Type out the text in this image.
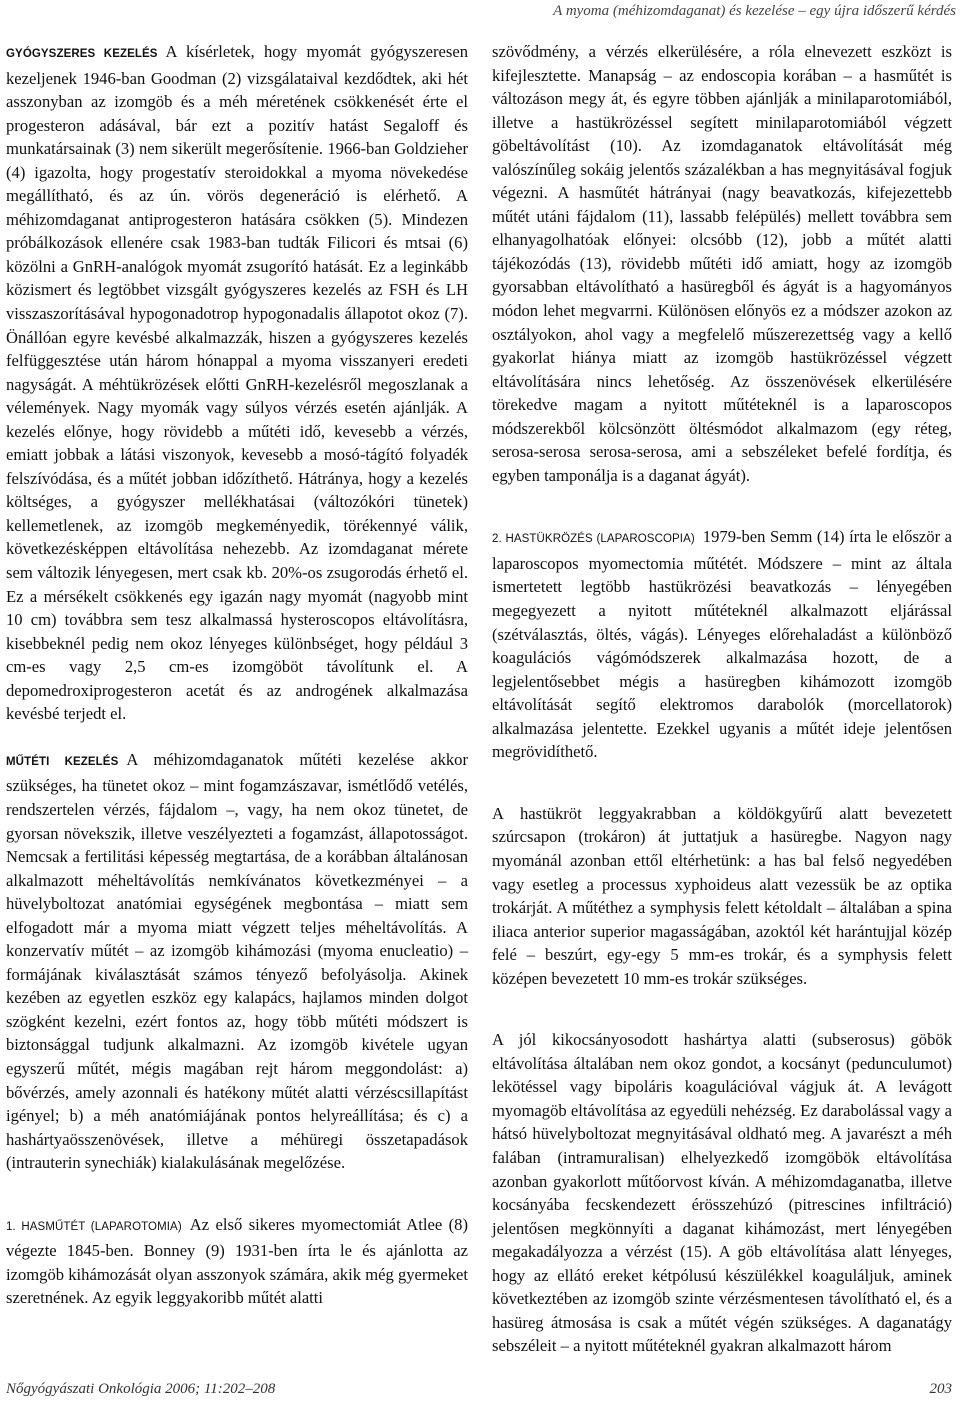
A myoma (méhizomdaganat) és kezelése – egy újra időszerű kérdés

GYÓGYSZERES KEZELÉS A kísérletek, hogy myomát gyógyszeresen kezeljenek 1946-ban Goodman (2) vizsgálataival kezdődtek, aki hét asszonyban az izomgöb és a méh méretének csökkenését érte el progesteron adásával, bár ezt a pozitív hatást Segaloff és munkatársainak (3) nem sikerült megerősítenie. 1966-ban Goldzieher (4) igazolta, hogy progestatív steroidokkal a myoma növekedése megállítható, és az ún. vörös degeneráció is elérhető. A méhizomdaganat antiprogesteron hatására csökken (5). Mindezen próbálkozások ellenére csak 1983-ban tudták Filicori és mtsai (6) közölni a GnRH-analógok myomát zsugorító hatását. Ez a leginkább közismert és legtöbbet vizsgált gyógyszeres kezelés az FSH és LH visszaszorításával hypogonadotrop hypogonadalis állapotot okoz (7). Önállóan egyre kevésbé alkalmazzák, hiszen a gyógyszeres kezelés felfüggesztése után három hónappal a myoma visszanyeri eredeti nagyságát. A méhtükrözések előtti GnRH-kezelésről megoszlanak a vélemények. Nagy myomák vagy súlyos vérzés esetén ajánlják. A kezelés előnye, hogy rövidebb a műtéti idő, kevesebb a vérzés, emiatt jobbak a látási viszonyok, kevesebb a mosó-tágító folyadék felszívódása, és a műtét jobban időzíthető. Hátránya, hogy a kezelés költséges, a gyógyszer mellékhatásai (változókóri tünetek) kellemetlenek, az izomgöb megkeményedik, törékennyé válik, következésképpen eltávolítása nehezebb. Az izomdaganat mérete sem változik lényegesen, mert csak kb. 20%-os zsugorodás érhető el. Ez a mérsékelt csökkenés egy igazán nagy myomát (nagyobb mint 10 cm) továbbra sem tesz alkalmassá hysteroscopos eltávolításra, kisebbeknél pedig nem okoz lényeges különbséget, hogy például 3 cm-es vagy 2,5 cm-es izomgöböt távolítunk el. A depomedroxiprogesteron acetát és az androgének alkalmazása kevésbé terjedt el.

MŰTÉTI KEZELÉS A méhizomdaganatok műtéti kezelése akkor szükséges, ha tünetet okoz – mint fogamzászavar, ismétlődő vetélés, rendszertelen vérzés, fájdalom –, vagy, ha nem okoz tünetet, de gyorsan növekszik, illetve veszélyezteti a fogamzást, állapotosságot. Nemcsak a fertilitási képesség megtartása, de a korábban általánosan alkalmazott méheltávolítás nemkívánatos következményei – a hüvelyboltozat anatómiai egységének megbontása – miatt sem elfogadott már a myoma miatt végzett teljes méheltávolítás. A konzervatív műtét – az izomgöb kihámozási (myoma enucleatio) – formájának kiválasztását számos tényező befolyásolja. Akinek kezében az egyetlen eszköz egy kalapács, hajlamos minden dolgot szögként kezelni, ezért fontos az, hogy több műtéti módszert is biztonsággal tudjunk alkalmazni. Az izomgöb kivétele ugyan egyszerű műtét, mégis magában rejt három meggondolást: a) bővérzés, amely azonnali és hatékony műtét alatti vérzéscsillapítást igényel; b) a méh anatómiájának pontos helyreállítása; és c) a hashártyaösszenövések, illetve a méhüregi összetapadások (intrauterin synechiák) kialakulásának megelőzése.

1. HASMŰTÉT (LAPAROTOMIA) Az első sikeres myomectomiát Atlee (8) végezte 1845-ben. Bonney (9) 1931-ben írta le és ajánlotta az izomgöb kihámozását olyan asszonyok számára, akik még gyermeket szeretnének. Az egyik leggyakoribb műtét alatti

szövődmény, a vérzés elkerülésére, a róla elnevezett eszközt is kifejlesztette. Manapság – az endoscopia korában – a hasműtét is változáson megy át, és egyre többen ajánlják a minilaparotomiából, illetve a hastükrözéssel segített minilaparotomiából végzett göbeltávolítást (10). Az izomdaganatok eltávolítását még valószínűleg sokáig jelentős százalékban a has megnyitásával fogjuk végezni. A hasműtét hátrányai (nagy beavatkozás, kifejezettebb műtét utáni fájdalom (11), lassabb felépülés) mellett továbbra sem elhanyagolhatóak előnyei: olcsóbb (12), jobb a műtét alatti tájékozódás (13), rövidebb műtéti idő amiatt, hogy az izomgöb gyorsabban eltávolítható a hasüregből és ágyát is a hagyományos módon lehet megvarrni. Különösen előnyös ez a módszer azokon az osztályokon, ahol vagy a megfelelő műszerezettség vagy a kellő gyakorlat hiánya miatt az izomgöb hastükrözéssel végzett eltávolítására nincs lehetőség. Az összenövések elkerülésére törekedve magam a nyitott műtéteknél is a laparoscopos módszerekből kölcsönzött öltésmódot alkalmazom (egy réteg, serosa-serosa serosa-serosa, ami a sebszéleket befelé fordítja, és egyben tamponálja is a daganat ágyát).

2. HASTÜKRÖZÉS (LAPAROSCOPIA) 1979-ben Semm (14) írta le először a laparoscopos myomectomia műtétét. Módszere – mint az általa ismertetett legtöbb hastükrözési beavatkozás – lényegében megegyezett a nyitott műtéteknél alkalmazott eljárással (szétválasztás, öltés, vágás). Lényeges előrehaladást a különböző koagulációs vágómódszerek alkalmazása hozott, de a legjelentősebbet mégis a hasüregben kihámozott izomgöb eltávolítását segítő elektromos darabolók (morcellatorok) alkalmazása jelentette. Ezekkel ugyanis a műtét ideje jelentősen megrövidíthető.

A hastükröt leggyakrabban a köldökgyűrű alatt bevezetett szúrcsapon (trokáron) át juttatjuk a hasüregbe. Nagyon nagy myománál azonban ettől eltérhetünk: a has bal felső negyedében vagy esetleg a processus xyphoideus alatt vezessük be az optika trokárját. A műtéthez a symphysis felett kétoldalt – általában a spina iliaca anterior superior magasságában, azoktól két harántujjal közép felé – beszúrt, egy-egy 5 mm-es trokár, és a symphysis felett középen bevezetett 10 mm-es trokár szükséges.

A jól kikocsányosodott hashártya alatti (subserosus) göbök eltávolítása általában nem okoz gondot, a kocsányt (pedunculumot) lekötéssel vagy bipoláris koagulációval vágjuk át. A levágott myomagöb eltávolítása az egyedüli nehézség. Ez darabolással vagy a hátsó hüvelyboltozat megnyitásával oldható meg. A javarészt a méh falában (intramuralisan) elhelyezkedő izomgöbök eltávolítása azonban gyakorlott műtőorvost kíván. A méhizomdaganatba, illetve kocsányába fecskendezett érösszehúzó (pitrescines infiltráció) jelentősen megkönnyíti a daganat kihámozást, mert lényegében megakadályozza a vérzést (15). A göb eltávolítása alatt lényeges, hogy az ellátó ereket kétpólusú készülékkel koaguláljuk, aminek következtében az izomgöb szinte vérzésmentesen távolítható el, és a hasüreg átmosása is csak a műtét végén szükséges. A daganatágy sebszéleit – a nyitott műtéteknél gyakran alkalmazott három

Nőgyógyászati Onkológia 2006; 11:202–208	203
